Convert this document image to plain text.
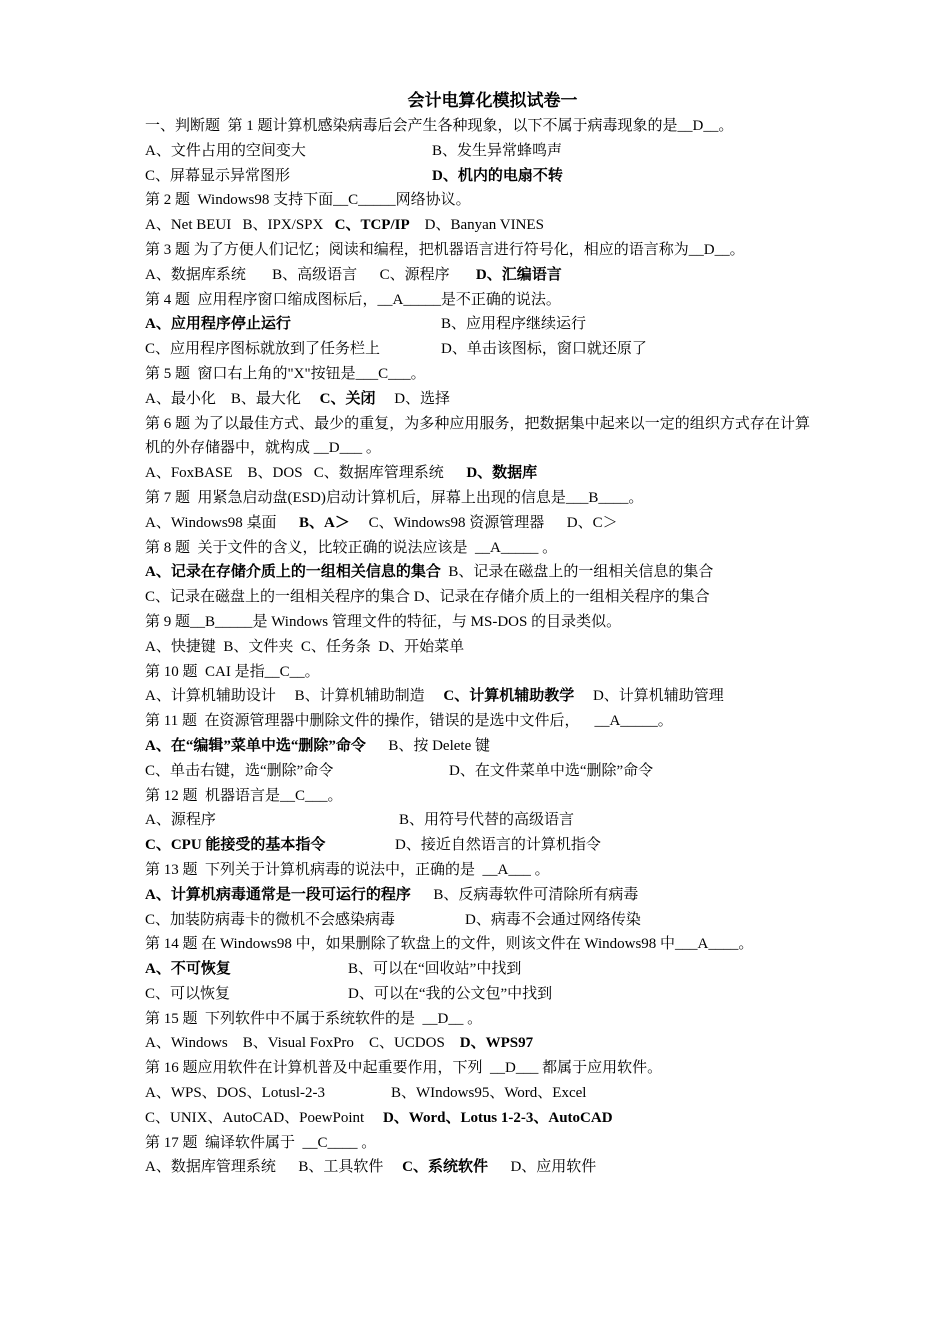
会计电算化模拟试卷一
一、判断题  第 1 题计算机感染病毒后会产生各种现象，以下不属于病毒现象的是__D__。
A、文件占用的空间变大	B、发生异常蜂鸣声
C、屏幕显示异常图形	D、机内的电扇不转
第 2 题  Windows98 支持下面__C_____网络协议。
A、Net BEUI   B、IPX/SPX   C、TCP/IP    D、Banyan VINES
第 3 题 为了方便人们记忆；阅读和编程，把机器语言进行符号化，相应的语言称为__D__。
A、数据库系统       B、高级语言      C、源程序       D、汇编语言
第 4 题  应用程序窗口缩成图标后，__A_____是不正确的说法。
A、应用程序停止运行	B、应用程序继续运行
C、应用程序图标就放到了任务栏上	D、单击该图标，窗口就还原了
第 5 题  窗口右上角的"X"按钮是___C___。
A、最小化    B、最大化     C、关闭     D、选择
第 6 题 为了以最佳方式、最少的重复，为多种应用服务，把数据集中起来以一定的组织方式存在计算机的外存储器中，就构成 __D___ 。
A、FoxBASE    B、DOS   C、数据库管理系统      D、数据库
第 7 题  用紧急启动盘(ESD)启动计算机后，屏幕上出现的信息是___B____。
A、Windows98 桌面      B、A＞     C、Windows98 资源管理器      D、C＞
第 8 题  关于文件的含义，比较正确的说法应该是  __A_____ 。
A、记录在存储介质上的一组相关信息的集合  B、记录在磁盘上的一组相关信息的集合
C、记录在磁盘上的一组相关程序的集合 D、记录在存储介质上的一组相关程序的集合
第 9 题__B_____是 Windows 管理文件的特征，与 MS-DOS 的目录类似。
A、快捷键  B、文件夹  C、任务条  D、开始菜单
第 10 题  CAI 是指__C__。
A、计算机辅助设计     B、计算机辅助制造     C、计算机辅助教学     D、计算机辅助管理
第 11 题  在资源管理器中删除文件的操作，错误的是选中文件后，    __A_____。
A、在“编辑”菜单中选“删除”命令      B、按 Delete 键
C、单击右键，选“删除”命令	D、在文件菜单中选“删除”命令
第 12 题  机器语言是__C___。
A、源程序	B、用符号代替的高级语言
C、CPU 能接受的基本指令	D、接近自然语言的计算机指令
第 13 题  下列关于计算机病毒的说法中，正确的是  __A___ 。
A、计算机病毒通常是一段可运行的程序      B、反病毒软件可清除所有病毒
C、加装防病毒卡的微机不会感染病毒	D、病毒不会通过网络传染
第 14 题 在 Windows98 中，如果删除了软盘上的文件，则该文件在 Windows98 中___A____。
A、不可恢复	B、可以在“回收站”中找到
C、可以恢复	D、可以在“我的公文包”中找到
第 15 题  下列软件中不属于系统软件的是  __D__ 。
A、Windows    B、Visual FoxPro    C、UCDOS    D、WPS97
第 16 题应用软件在计算机普及中起重要作用，下列  __D___ 都属于应用软件。
A、WPS、DOS、Lotusl-2-3	B、WIndows95、Word、Excel
C、UNIX、AutoCAD、PoewPoint     D、Word、Lotus 1-2-3、AutoCAD
第 17 题  编译软件属于  __C____ 。
A、数据库管理系统      B、工具软件     C、系统软件      D、应用软件
